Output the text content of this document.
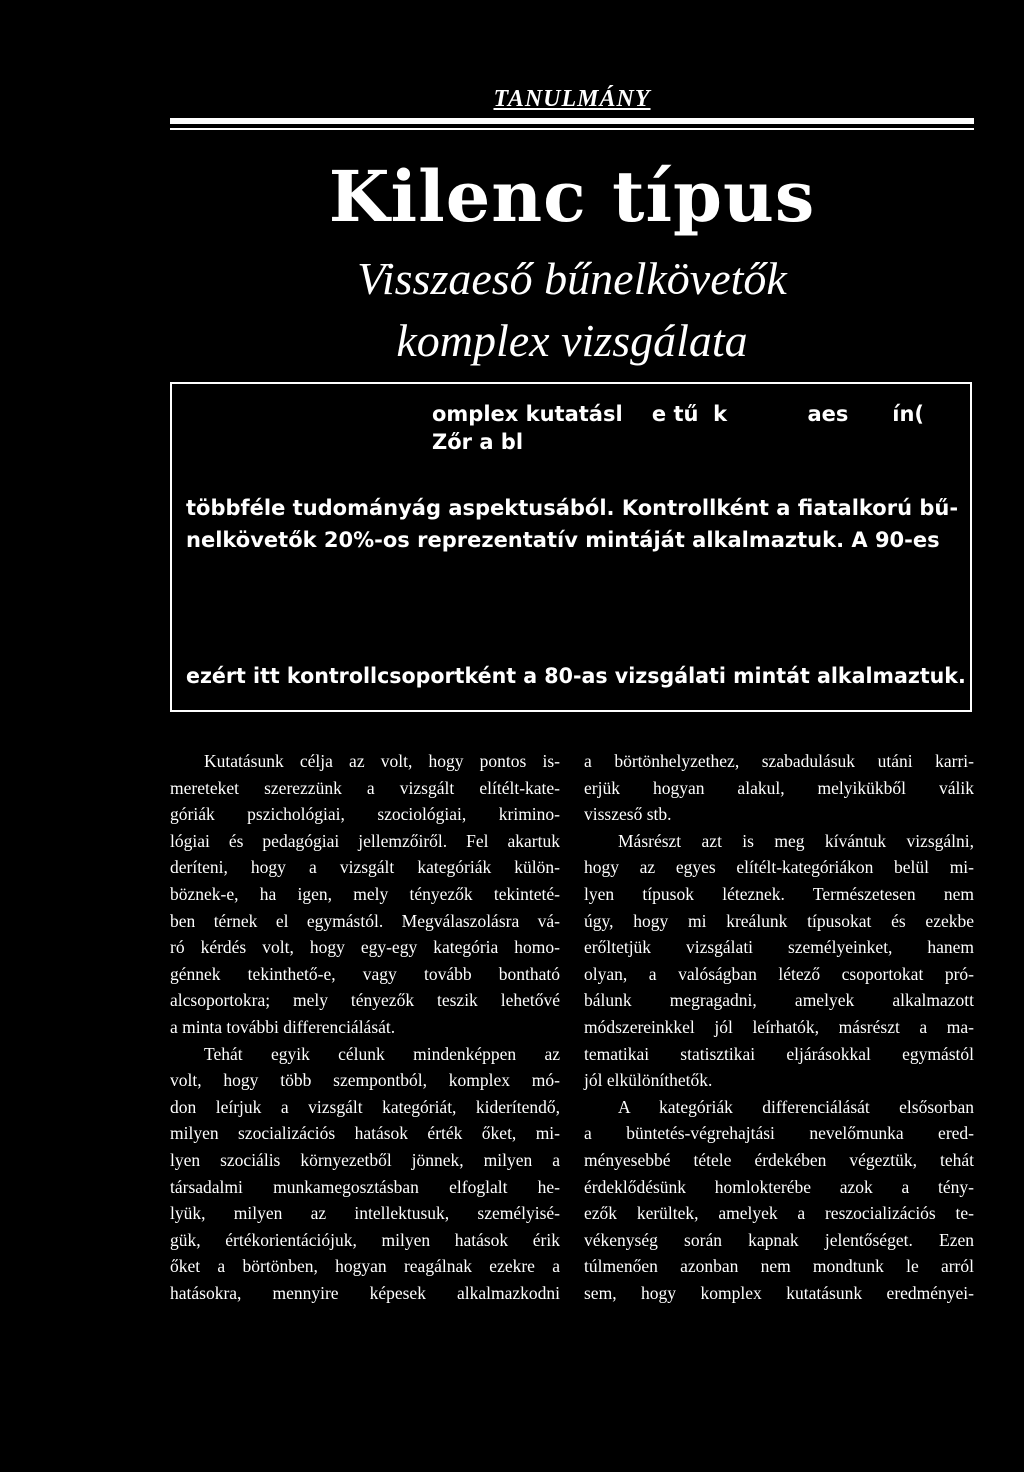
TANULMÁNY
Kilenc típus
Visszaeső bűnelkövetők
komplex vizsgálata
omplex kutatásl    e tű  k           aes      ín(
Zőr a bl
többféle tudományág aspektusából. Kontrollként a fiatalkorú bű-
nelkövetők 20%-os reprezentatív mintáját alkalmaztuk. A 90-es
ezért itt kontrollcsoportként a 80-as vizsgálati mintát alkalmaztuk.
Kutatásunk célja az volt, hogy pontos is-
mereteket szerezzünk a vizsgált elítélt-kate-
góriák pszichológiai, szociológiai, krimino-
lógiai és pedagógiai jellemzőiről. Fel akartuk
deríteni, hogy a vizsgált kategóriák külön-
böznek-e, ha igen, mely tényezők tekinteté-
ben térnek el egymástól. Megválaszolásra vá-
ró kérdés volt, hogy egy-egy kategória homo-
génnek tekinthető-e, vagy tovább bontható
alcsoportokra; mely tényezők teszik lehetővé
a minta további differenciálását.
Tehát egyik célunk mindenképpen az
volt, hogy több szempontból, komplex mó-
don leírjuk a vizsgált kategóriát, kiderítendő,
milyen szocializációs hatások érték őket, mi-
lyen szociális környezetből jönnek, milyen a
társadalmi munkamegosztásban elfoglalt he-
lyük, milyen az intellektusuk, személyisé-
gük, értékorientációjuk, milyen hatások érik
őket a börtönben, hogyan reagálnak ezekre a
hatásokra, mennyire képesek alkalmazkodni
a börtönhelyzethez, szabadulásuk utáni karri-
erjük hogyan alakul, melyikükből válik
visszeső stb.
Másrészt azt is meg kívántuk vizsgálni,
hogy az egyes elítélt-kategóriákon belül mi-
lyen típusok léteznek. Természetesen nem
úgy, hogy mi kreálunk típusokat és ezekbe
erőltetjük vizsgálati személyeinket, hanem
olyan, a valóságban létező csoportokat pró-
bálunk megragadni, amelyek alkalmazott
módszereinkkel jól leírhatók, másrészt a ma-
tematikai statisztikai eljárásokkal egymástól
jól elkülöníthetők.
A kategóriák differenciálását elsősorban
a büntetés-végrehajtási nevelőmunka ered-
ményesebbé tétele érdekében végeztük, tehát
érdeklődésünk homlokterébe azok a tény-
ezők kerültek, amelyek a reszocializációs te-
vékenység során kapnak jelentőséget. Ezen
túlmenően azonban nem mondtunk le arról
sem, hogy komplex kutatásunk eredményei-
